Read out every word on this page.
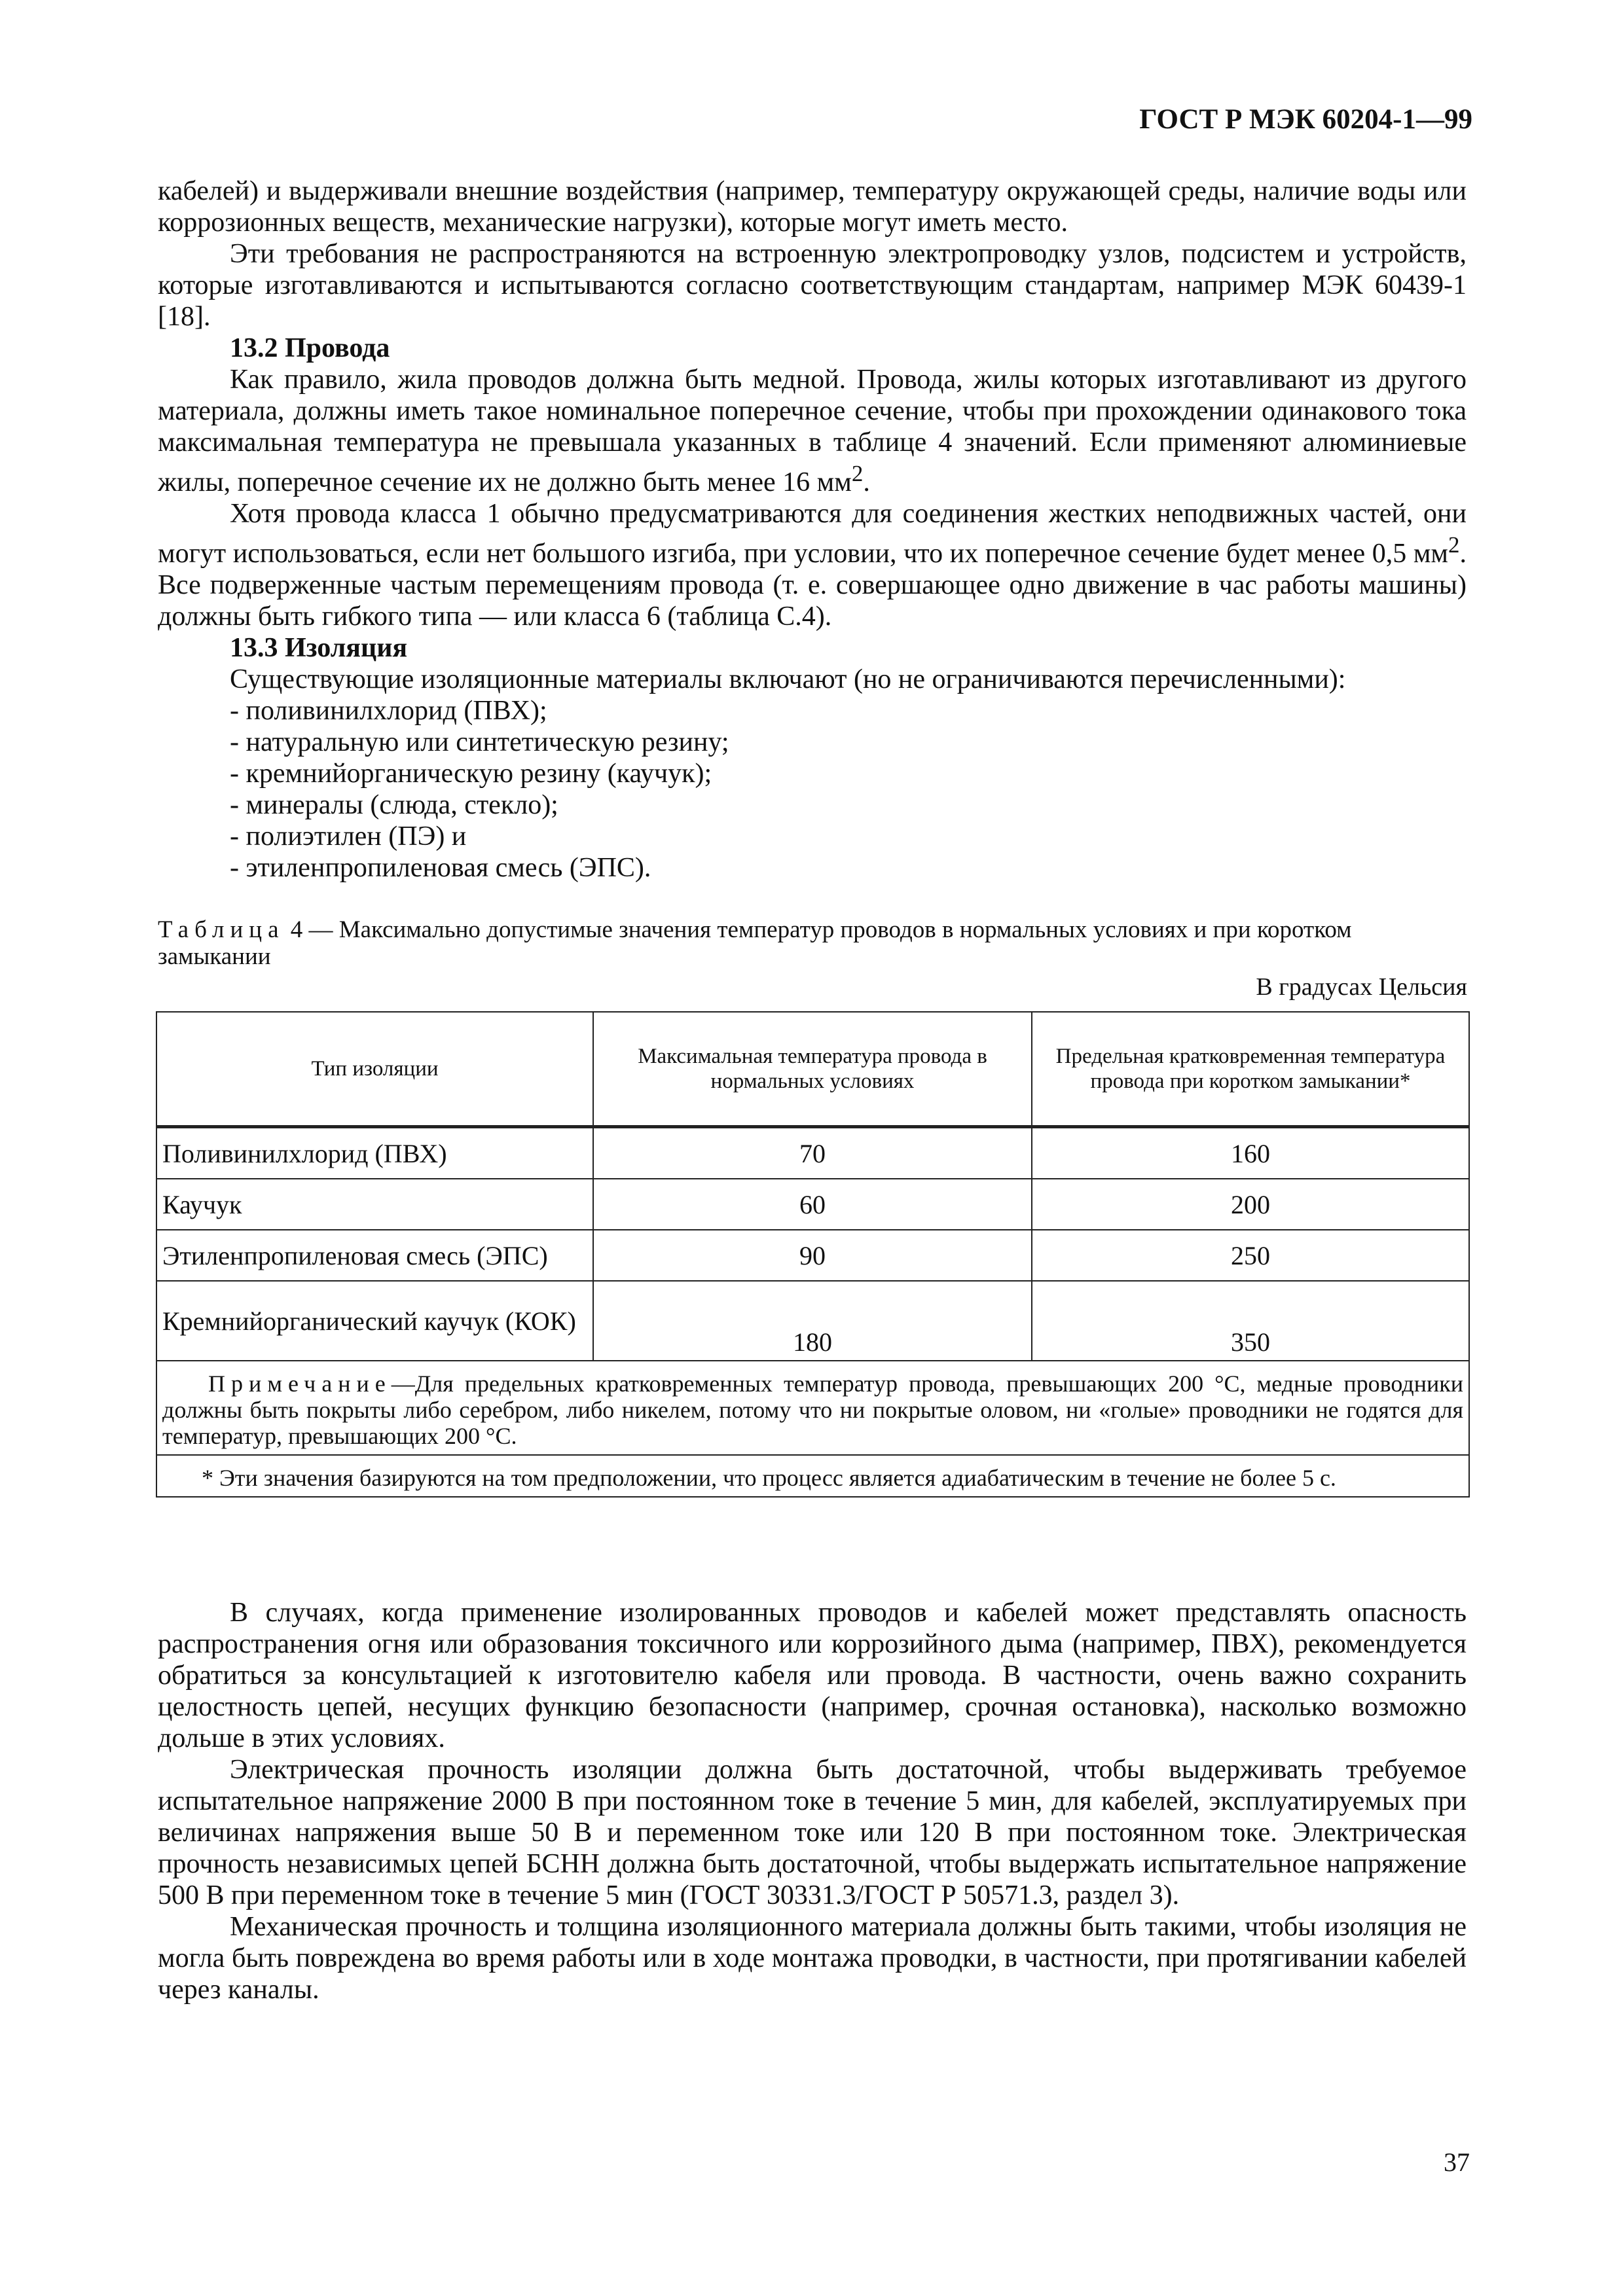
ГОСТ Р МЭК 60204-1—99

кабелей) и выдерживали внешние воздействия (например, температуру окружающей среды, наличие воды или коррозионных веществ, механические нагрузки), которые могут иметь место.

Эти требования не распространяются на встроенную электропроводку узлов, подсистем и устройств, которые изготавливаются и испытываются согласно соответствующим стандартам, например МЭК 60439-1 [18].

13.2 Провода

Как правило, жила проводов должна быть медной. Провода, жилы которых изготавливают из другого материала, должны иметь такое номинальное поперечное сечение, чтобы при прохождении одинакового тока максимальная температура не превышала указанных в таблице 4 значений. Если применяют алюминиевые жилы, поперечное сечение их не должно быть менее 16 $мм^2$.

Хотя провода класса 1 обычно предусматриваются для соединения жестких неподвижных частей, они могут использоваться, если нет большого изгиба, при условии, что их поперечное сечение будет менее 0,5 $мм^2$. Все подверженные частым перемещениям провода (т. е. совершающее одно движение в час работы машины) должны быть гибкого типа — или класса 6 (таблица С.4).

13.3 Изоляция

Существующие изоляционные материалы включают (но не ограничиваются перечисленными):

- поливинилхлорид (ПВХ);

- натуральную или синтетическую резину;

- кремнийорганическую резину (каучук);

- минералы (слюда, стекло);

- полиэтилен (ПЭ) и

- этиленпропиленовая смесь (ЭПС).

Таблица 4 — Максимально допустимые значения температур проводов в нормальных условиях и при коротком замыкании
В градусах Цельсия
Тип изоляции	Максимальная температура провода в нормальных условиях	Предельная кратковременная температура провода при коротком замыкании*
Поливинилхлорид (ПВХ)	70	160
Каучук	60	200
Этиленпропиленовая смесь (ЭПС)	90	250
Кремнийорганический каучук (КОК)	180	350
Примечание—Для предельных кратковременных температур провода, превышающих 200 °С, медные проводники должны быть покрыты либо серебром, либо никелем, потому что ни покрытые оловом, ни «голые» проводники не годятся для температур, превышающих 200 °С.		
* Эти значения базируются на том предположении, что процесс является адиабатическим в течение не более 5 с.		

В случаях, когда применение изолированных проводов и кабелей может представлять опасность распространения огня или образования токсичного или коррозийного дыма (например, ПВХ), рекомендуется обратиться за консультацией к изготовителю кабеля или провода. В частности, очень важно сохранить целостность цепей, несущих функцию безопасности (например, срочная остановка), насколько возможно дольше в этих условиях.

Электрическая прочность изоляции должна быть достаточной, чтобы выдерживать требуемое испытательное напряжение 2000 В при постоянном токе в течение 5 мин, для кабелей, эксплуатируемых при величинах напряжения выше 50 В и переменном токе или 120 В при постоянном токе. Электрическая прочность независимых цепей БСНН должна быть достаточной, чтобы выдержать испытательное напряжение 500 В при переменном токе в течение 5 мин (ГОСТ 30331.3/ГОСТ Р 50571.3, раздел 3).

Механическая прочность и толщина изоляционного материала должны быть такими, чтобы изоляция не могла быть повреждена во время работы или в ходе монтажа проводки, в частности, при протягивании кабелей через каналы.

37
